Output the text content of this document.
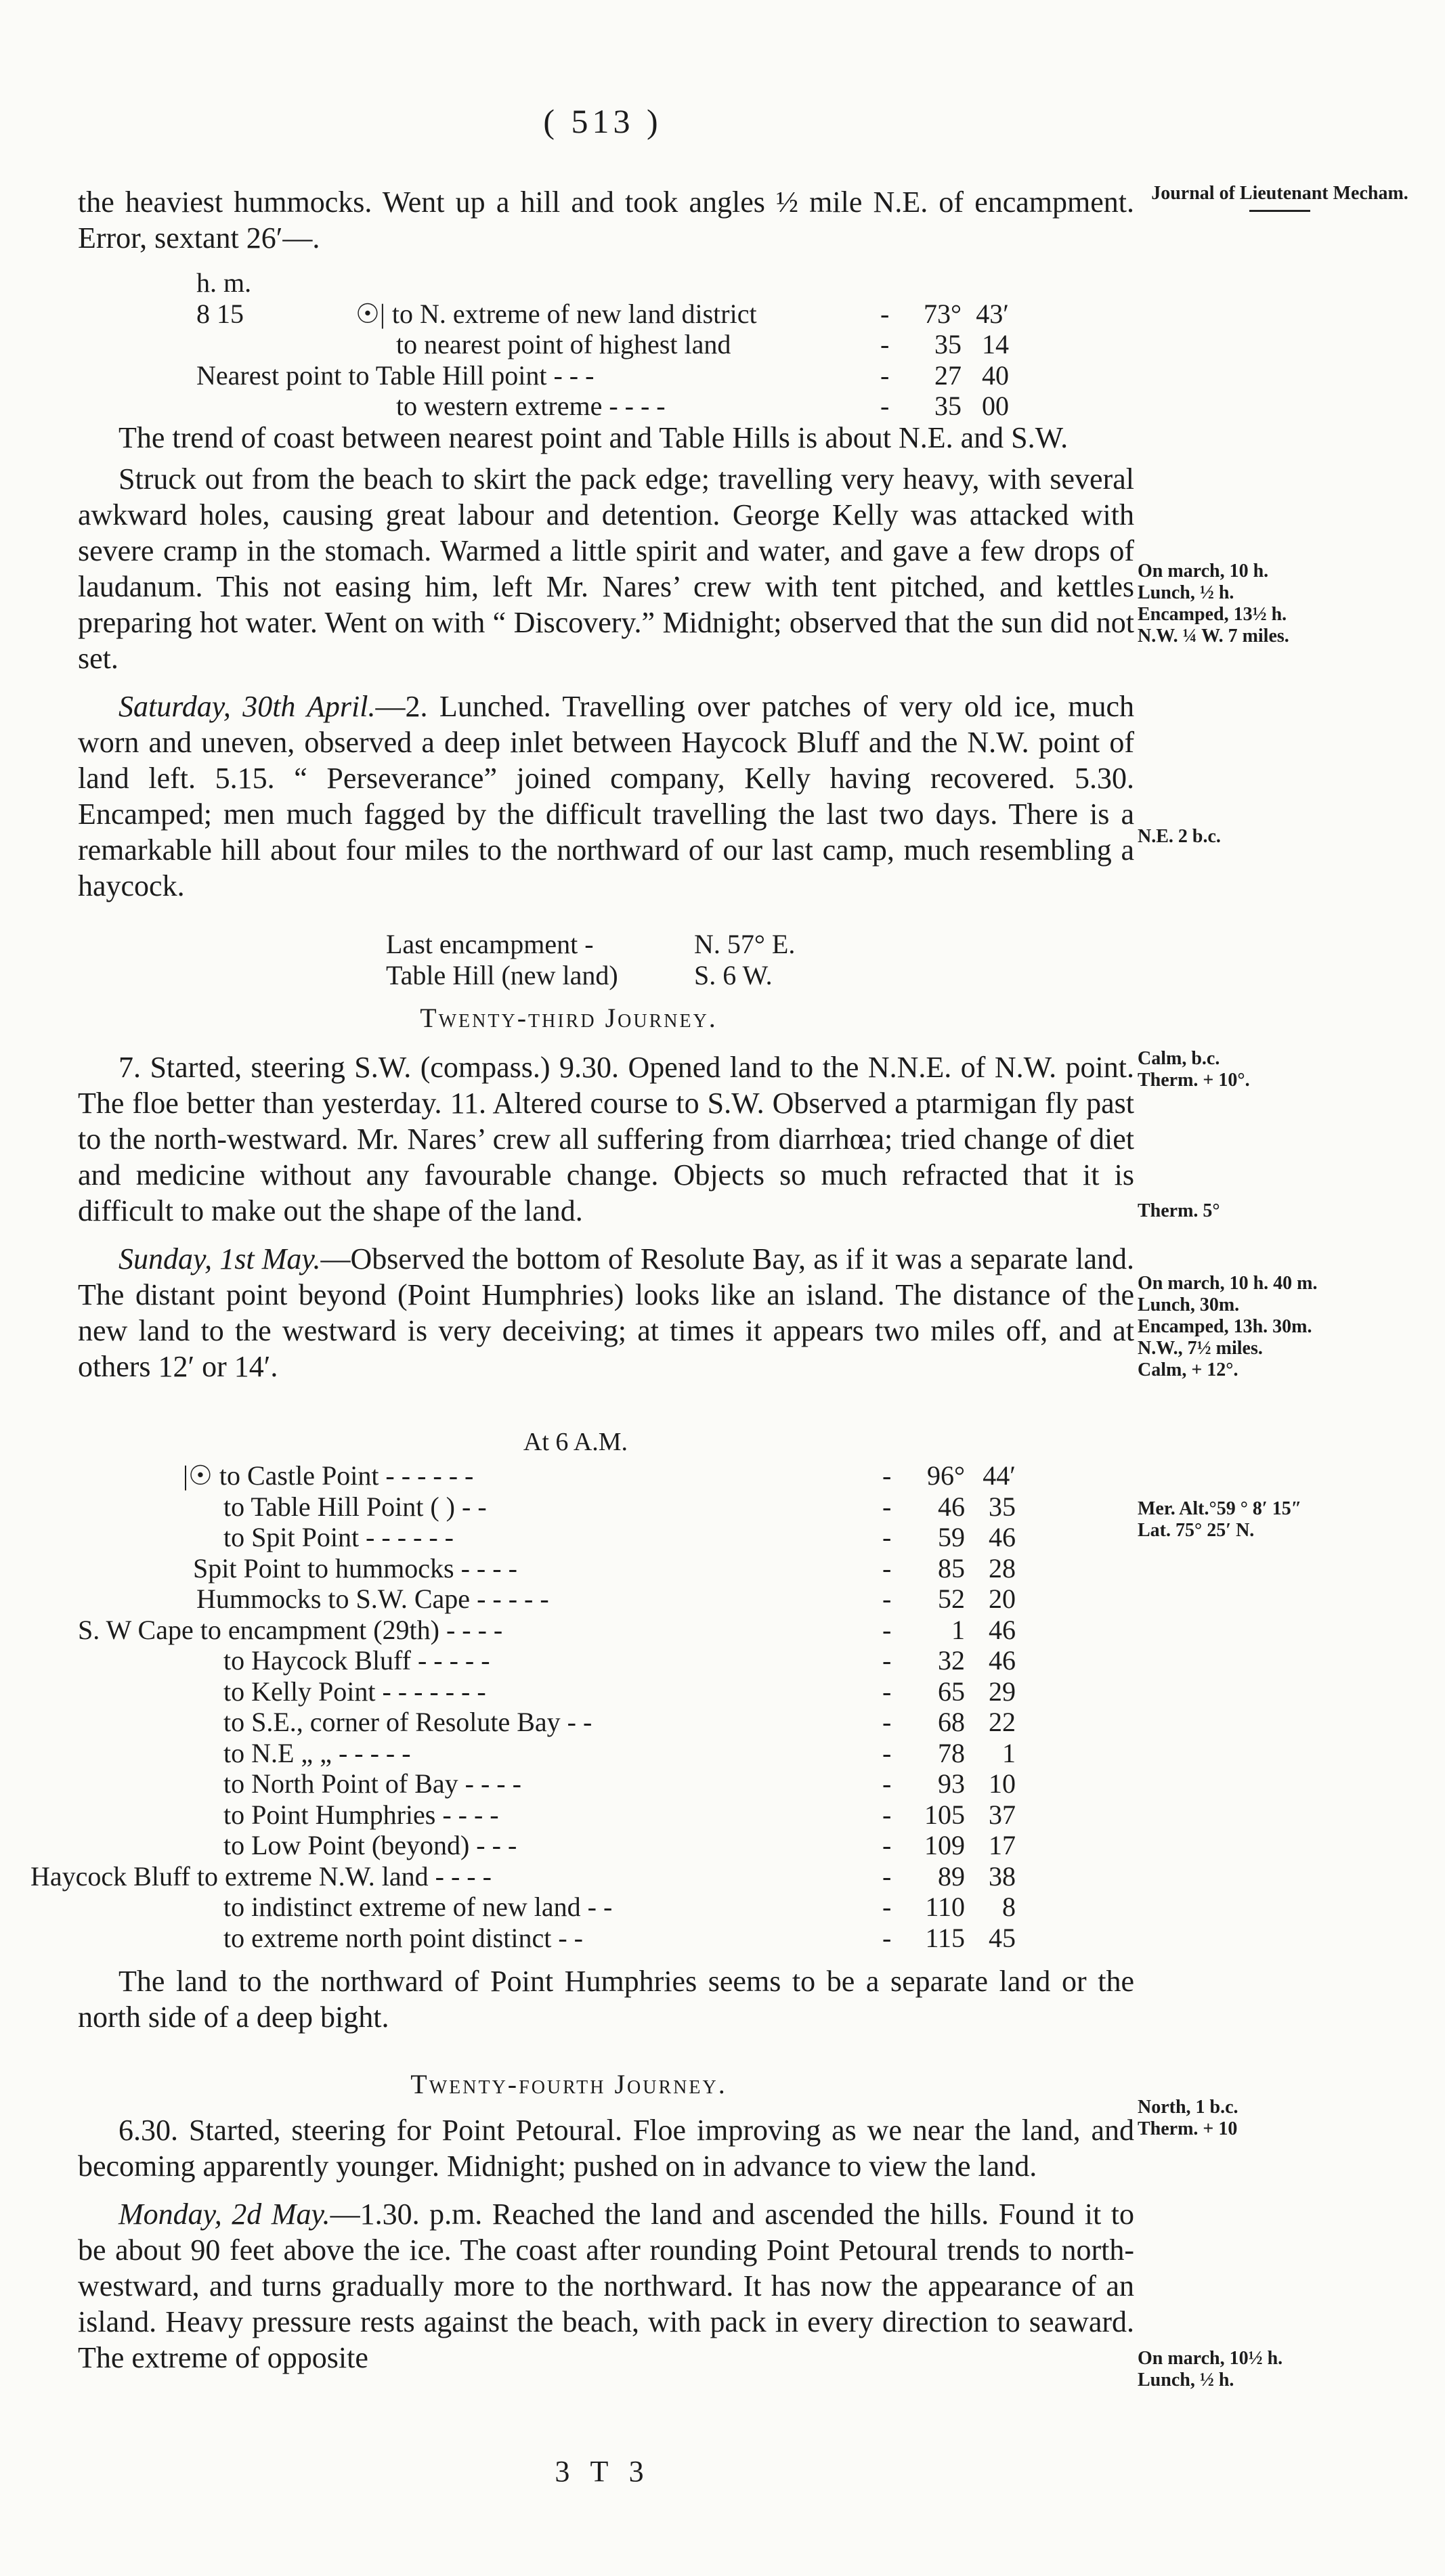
( 513 )
Journal of Lieutenant Mecham.
On march, 10 h.
Lunch, ½ h.
Encamped, 13½ h.
N.W. ¼ W. 7 miles.
N.E. 2 b.c.
Calm, b.c.
Therm. + 10°.
Therm. 5°
On march, 10 h. 40 m.
Lunch, 30m.
Encamped, 13h. 30m.
N.W., 7½ miles.
Calm, + 12°.
Mer. Alt.°59 ° 8′ 15″
Lat. 75° 25′ N.
North, 1 b.c.
Therm. + 10
On march, 10½ h.
Lunch, ½ h.

the heaviest hummocks. Went up a hill and took angles ½ mile N.E. of encampment. Error, sextant 26′—.

h. m.
8 15	☉| to N. extreme of new land district	-	73° 43′
to nearest point of highest land	-	35 14
Nearest point to Table Hill point - - -	-	27 40
to western extreme - - - -	-	35 00

The trend of coast between nearest point and Table Hills is about N.E. and S.W.

Struck out from the beach to skirt the pack edge; travelling very heavy, with several awkward holes, causing great labour and detention. George Kelly was attacked with severe cramp in the stomach. Warmed a little spirit and water, and gave a few drops of laudanum. This not easing him, left Mr. Nares’ crew with tent pitched, and kettles preparing hot water. Went on with “ Discovery.” Midnight; observed that the sun did not set.

Saturday, 30th April.—2. Lunched. Travelling over patches of very old ice, much worn and uneven, observed a deep inlet between Haycock Bluff and the N.W. point of land left. 5.15. “ Perseverance” joined company, Kelly having recovered. 5.30. Encamped; men much fagged by the difficult travelling the last two days. There is a remarkable hill about four miles to the northward of our last camp, much resembling a haycock.

Last encampment -	N. 57° E.
Table Hill (new land)	S. 6 W.
Twenty-third Journey.

7. Started, steering S.W. (compass.) 9.30. Opened land to the N.N.E. of N.W. point. The floe better than yesterday. 11. Altered course to S.W. Observed a ptarmigan fly past to the north-westward. Mr. Nares’ crew all suffering from diarrhœa; tried change of diet and medicine without any favourable change. Objects so much refracted that it is difficult to make out the shape of the land.

Sunday, 1st May.—Observed the bottom of Resolute Bay, as if it was a separate land. The distant point beyond (Point Humphries) looks like an island. The distance of the new land to the westward is very deceiving; at times it appears two miles off, and at others 12′ or 14′.

At 6 A.M.
|☉ to Castle Point - - - - - -	-	96° 44′
to Table Hill Point ( ) - -	-	46 35
to Spit Point - - - - - -	-	59 46
Spit Point to hummocks - - - -	-	85 28
Hummocks to S.W. Cape - - - - -	-	52 20
S. W Cape to encampment (29th) - - - -	-	1 46
to Haycock Bluff - - - - -	-	32 46
to Kelly Point - - - - - - -	-	65 29
to S.E., corner of Resolute Bay - -	-	68 22
to N.E „ „ - - - - -	-	78	1
to North Point of Bay - - - -	-	93 10
to Point Humphries - - - -	-	105 37
to Low Point (beyond) - - -	-	109 17
Haycock Bluff to extreme N.W. land - - - -	-	89 38
to indistinct extreme of new land - -	-	110	8
to extreme north point distinct - -	-	115 45

The land to the northward of Point Humphries seems to be a separate land or the north side of a deep bight.

Twenty-fourth Journey.

6.30. Started, steering for Point Petoural. Floe improving as we near the land, and becoming apparently younger. Midnight; pushed on in advance to view the land.

Monday, 2d May.—1.30. p.m. Reached the land and ascended the hills. Found it to be about 90 feet above the ice. The coast after rounding Point Petoural trends to north-westward, and turns gradually more to the northward. It has now the appearance of an island. Heavy pressure rests against the beach, with pack in every direction to seaward. The extreme of opposite

3 T 3
